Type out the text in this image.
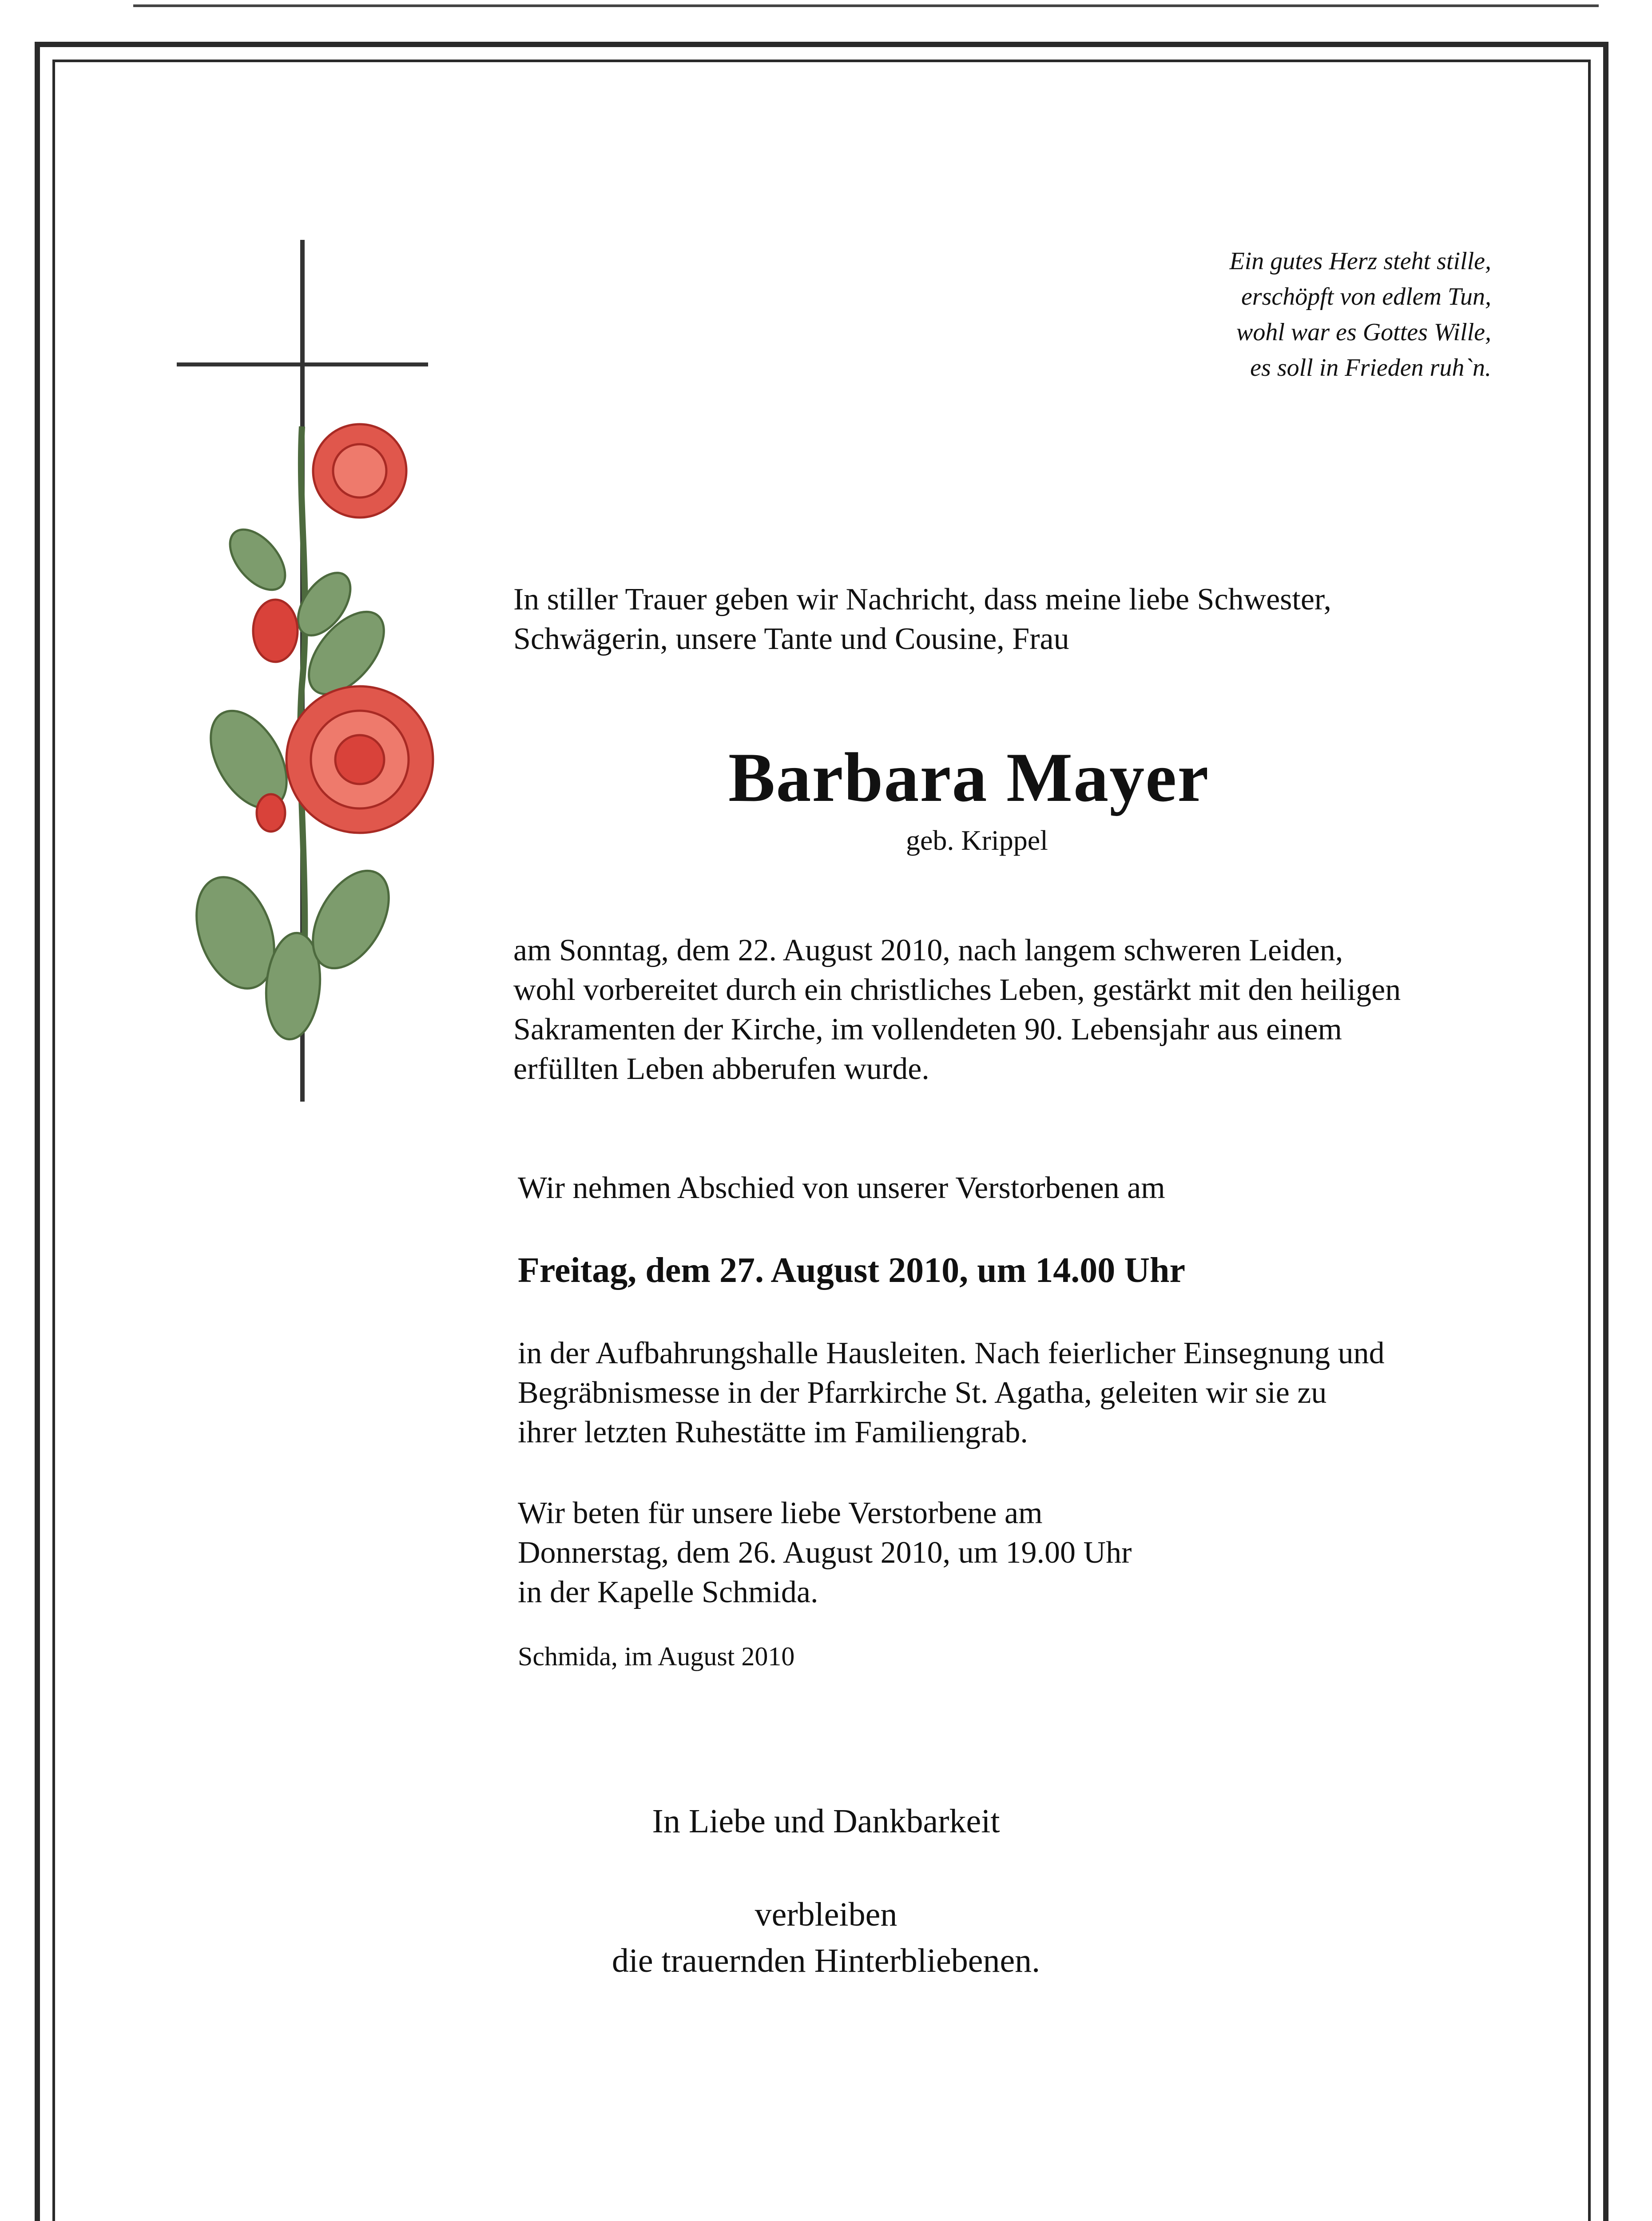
Ein gutes Herz steht stille,
erschöpft von edlem Tun,
wohl war es Gottes Wille,
es soll in Frieden ruh`n.
In stiller Trauer geben wir Nachricht, dass meine liebe Schwester,
Schwägerin, unsere Tante und Cousine, Frau
Barbara Mayer
geb. Krippel
am Sonntag, dem 22. August 2010, nach langem schweren Leiden,
wohl vorbereitet durch ein christliches Leben, gestärkt mit den heiligen
Sakramenten der Kirche, im vollendeten 90. Lebensjahr aus einem
erfüllten Leben abberufen wurde.
Wir nehmen Abschied von unserer Verstorbenen am
Freitag, dem 27. August 2010, um 14.00 Uhr
in der Aufbahrungshalle Hausleiten. Nach feierlicher Einsegnung und
Begräbnismesse in der Pfarrkirche St. Agatha, geleiten wir sie zu
ihrer letzten Ruhestätte im Familiengrab.
Wir beten für unsere liebe Verstorbene am
Donnerstag, dem 26. August 2010, um 19.00 Uhr
in der Kapelle Schmida.
Schmida, im August 2010
In Liebe und Dankbarkeit
verbleiben
die trauernden Hinterbliebenen.
